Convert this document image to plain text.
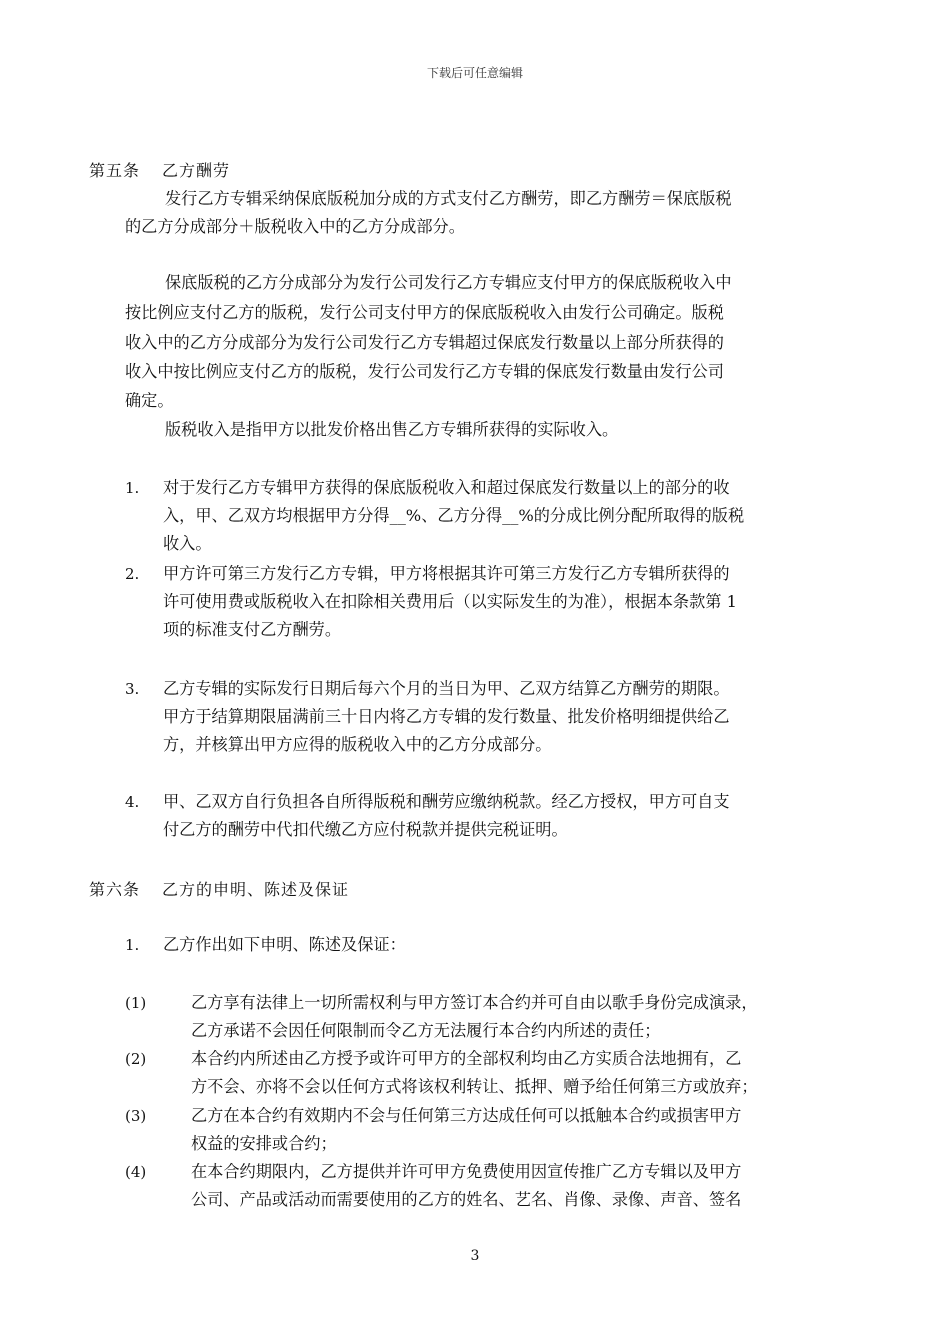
下载后可任意编辑
第五条 乙方酬劳
发行乙方专辑采纳保底版税加分成的方式支付乙方酬劳，即乙方酬劳＝保底版税
的乙方分成部分＋版税收入中的乙方分成部分。
保底版税的乙方分成部分为发行公司发行乙方专辑应支付甲方的保底版税收入中
按比例应支付乙方的版税，发行公司支付甲方的保底版税收入由发行公司确定。版税
收入中的乙方分成部分为发行公司发行乙方专辑超过保底发行数量以上部分所获得的
收入中按比例应支付乙方的版税，发行公司发行乙方专辑的保底发行数量由发行公司
确定。
版税收入是指甲方以批发价格出售乙方专辑所获得的实际收入。
1. 对于发行乙方专辑甲方获得的保底版税收入和超过保底发行数量以上的部分的收
入，甲、乙双方均根据甲方分得__%、乙方分得__%的分成比例分配所取得的版税
收入。
2. 甲方许可第三方发行乙方专辑，甲方将根据其许可第三方发行乙方专辑所获得的
许可使用费或版税收入在扣除相关费用后（以实际发生的为准），根据本条款第 1
项的标准支付乙方酬劳。
3. 乙方专辑的实际发行日期后每六个月的当日为甲、乙双方结算乙方酬劳的期限。
甲方于结算期限届满前三十日内将乙方专辑的发行数量、批发价格明细提供给乙
方，并核算出甲方应得的版税收入中的乙方分成部分。
4. 甲、乙双方自行负担各自所得版税和酬劳应缴纳税款。经乙方授权，甲方可自支
付乙方的酬劳中代扣代缴乙方应付税款并提供完税证明。
第六条 乙方的申明、陈述及保证
1. 乙方作出如下申明、陈述及保证：
(1)	乙方享有法律上一切所需权利与甲方签订本合约并可自由以歌手身份完成演录，
乙方承诺不会因任何限制而令乙方无法履行本合约内所述的责任；
(2)	本合约内所述由乙方授予或许可甲方的全部权利均由乙方实质合法地拥有，乙
方不会、亦将不会以任何方式将该权利转让、抵押、赠予给任何第三方或放弃；
(3)	乙方在本合约有效期内不会与任何第三方达成任何可以抵触本合约或损害甲方
权益的安排或合约；
(4)	在本合约期限内，乙方提供并许可甲方免费使用因宣传推广乙方专辑以及甲方
公司、产品或活动而需要使用的乙方的姓名、艺名、肖像、录像、声音、签名
3
